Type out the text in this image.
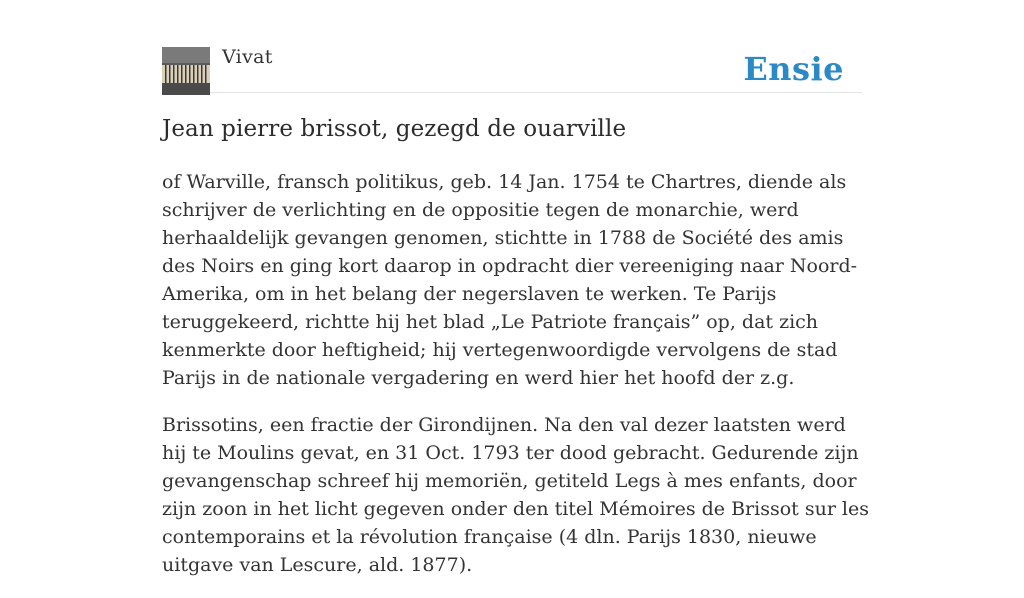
Vivat	Ensie
Jean pierre brissot, gezegd de ouarville

of Warville, fransch politikus, geb. 14 Jan. 1754 te Chartres, diende als schrijver de verlichting en de oppositie tegen de monarchie, werd herhaaldelijk gevangen genomen, stichtte in 1788 de Société des amis des Noirs en ging kort daarop in opdracht dier vereeniging naar Noord-Amerika, om in het belang der negerslaven te werken. Te Parijs teruggekeerd, richtte hij het blad „Le Patriote français” op, dat zich kenmerkte door heftigheid; hij vertegenwoordigde vervolgens de stad Parijs in de nationale vergadering en werd hier het hoofd der z.g.

Brissotins, een fractie der Girondijnen. Na den val dezer laatsten werd hij te Moulins gevat, en 31 Oct. 1793 ter dood gebracht. Gedurende zijn gevangenschap schreef hij memoriën, getiteld Legs à mes enfants, door zijn zoon in het licht gegeven onder den titel Mémoires de Brissot sur les contemporains et la révolution française (4 dln. Parijs 1830, nieuwe uitgave van Lescure, ald. 1877).
